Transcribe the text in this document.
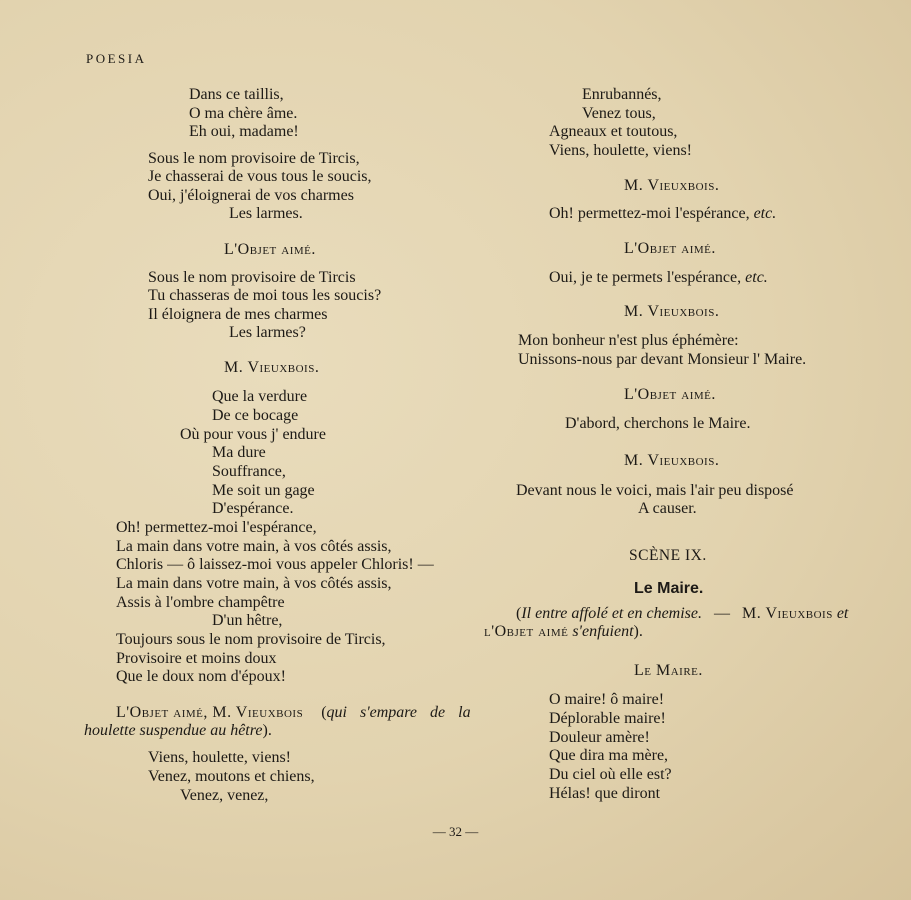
POESIA
Dans ce taillis,
O ma chère âme.
Eh oui, madame!
Sous le nom provisoire de Tircis,
Je chasserai de vous tous le soucis,
Oui, j'éloignerai de vos charmes
Les larmes.
L'Objet aimé.
Sous le nom provisoire de Tircis
Tu chasseras de moi tous les soucis?
Il éloignera de mes charmes
Les larmes?
M. Vieuxbois.
Que la verdure
De ce bocage
Où pour vous j' endure
Ma dure
Souffrance,
Me soit un gage
D'espérance.
Oh! permettez-moi l'espérance,
La main dans votre main, à vos côtés assis,
Chloris — ô laissez-moi vous appeler Chloris! —
La main dans votre main, à vos côtés assis,
Assis à l'ombre champêtre
D'un hêtre,
Toujours sous le nom provisoire de Tircis,
Provisoire et moins doux
Que le doux nom d'époux!
L'Objet aimé, M. Vieuxbois (qui s'empare de la
houlette suspendue au hêtre).
Viens, houlette, viens!
Venez, moutons et chiens,
Venez, venez,
Enrubannés,
Venez tous,
Agneaux et toutous,
Viens, houlette, viens!
M. Vieuxbois.
Oh! permettez-moi l'espérance, etc.
L'Objet aimé.
Oui, je te permets l'espérance, etc.
M. Vieuxbois.
Mon bonheur n'est plus éphémère:
Unissons-nous par devant Monsieur l' Maire.
L'Objet aimé.
D'abord, cherchons le Maire.
M. Vieuxbois.
Devant nous le voici, mais l'air peu disposé
A causer.
SCÈNE IX.
Le Maire.
(Il entre affolé et en chemise. — M. Vieuxbois et
l'Objet aimé s'enfuient).
Le Maire.
O maire! ô maire!
Déplorable maire!
Douleur amère!
Que dira ma mère,
Du ciel où elle est?
Hélas! que diront
— 32 —
